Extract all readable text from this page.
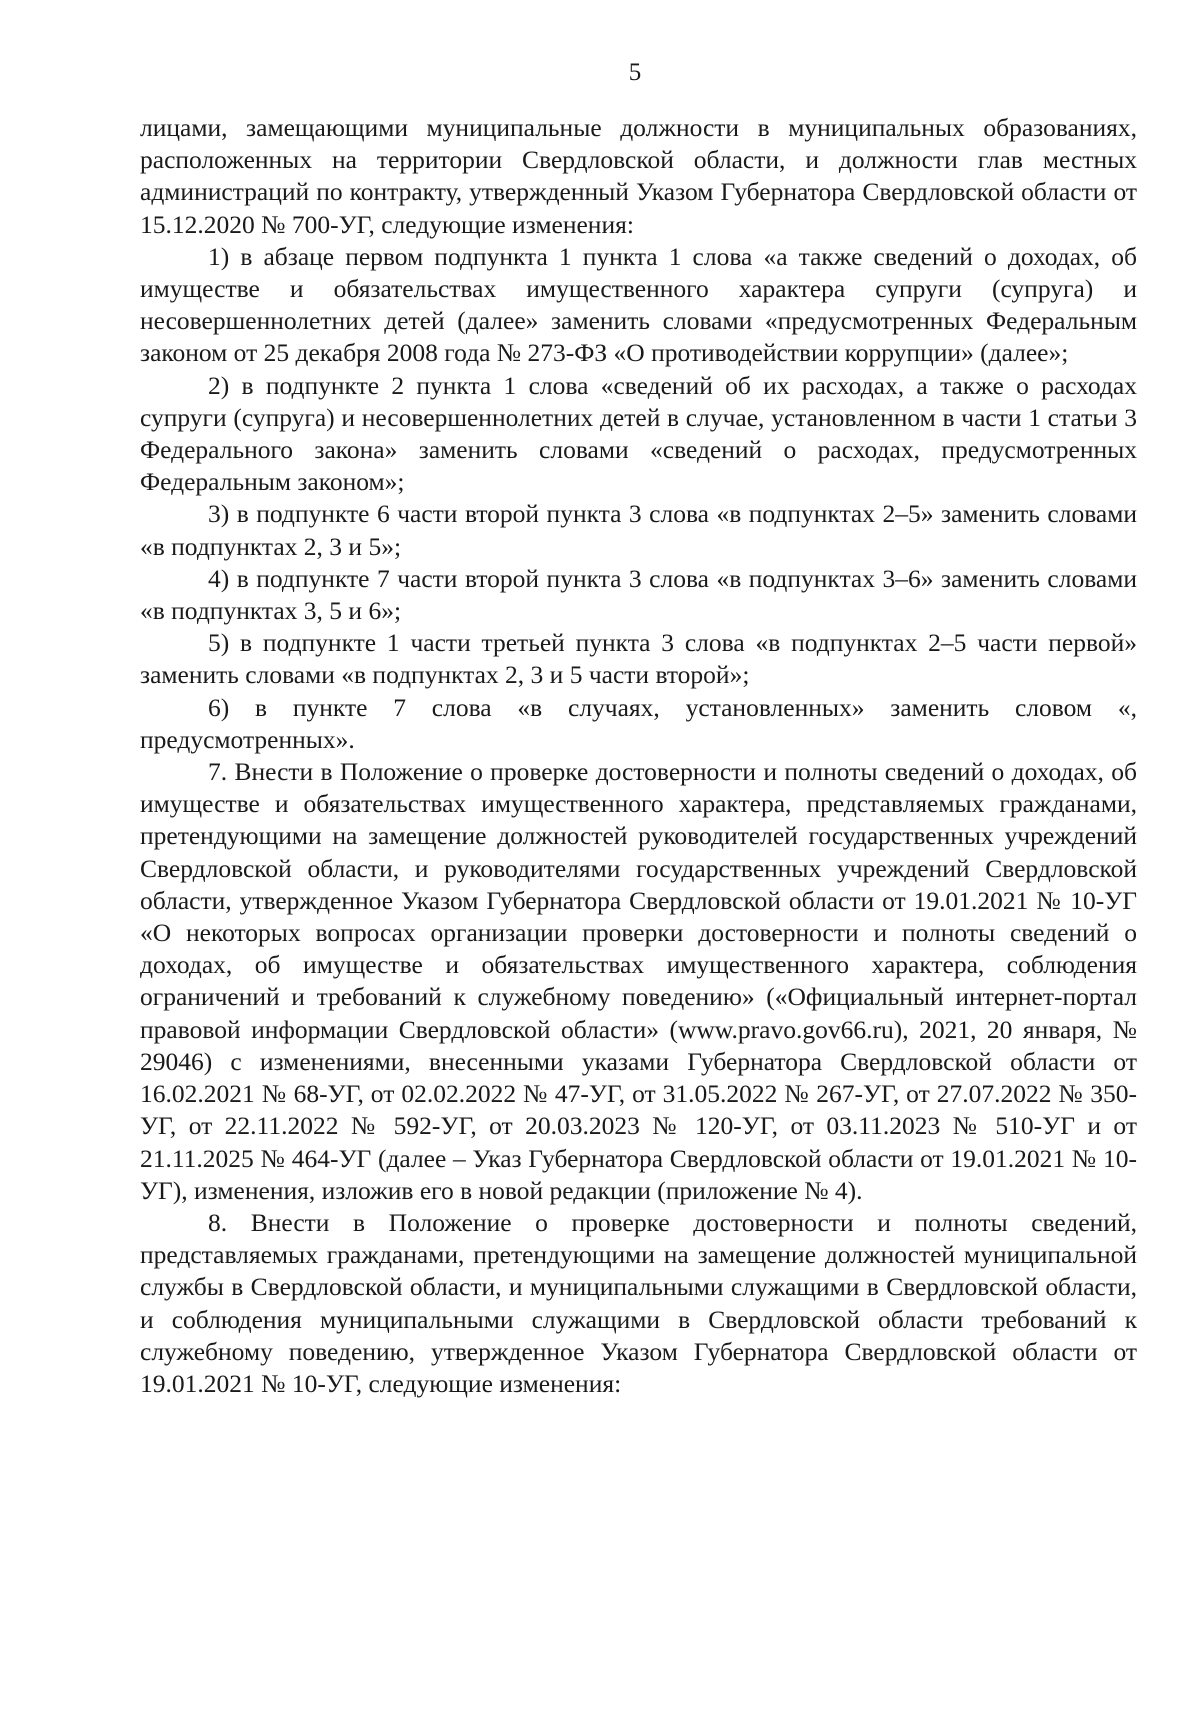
5

лицами, замещающими муниципальные должности в муниципальных образованиях, расположенных на территории Свердловской области, и должности глав местных администраций по контракту, утвержденный Указом Губернатора Свердловской области от 15.12.2020 № 700-УГ, следующие изменения:

1) в абзаце первом подпункта 1 пункта 1 слова «а также сведений о доходах, об имуществе и обязательствах имущественного характера супруги (супруга) и несовершеннолетних детей (далее» заменить словами «предусмотренных Федеральным законом от 25 декабря 2008 года № 273-ФЗ «О противодействии коррупции» (далее»;

2) в подпункте 2 пункта 1 слова «сведений об их расходах, а также о расходах супруги (супруга) и несовершеннолетних детей в случае, установленном в части 1 статьи 3 Федерального закона» заменить словами «сведений о расходах, предусмотренных Федеральным законом»;

3) в подпункте 6 части второй пункта 3 слова «в подпунктах 2–5» заменить словами «в подпунктах 2, 3 и 5»;

4) в подпункте 7 части второй пункта 3 слова «в подпунктах 3–6» заменить словами «в подпунктах 3, 5 и 6»;

5) в подпункте 1 части третьей пункта 3 слова «в подпунктах 2–5 части первой» заменить словами «в подпунктах 2, 3 и 5 части второй»;

6) в пункте 7 слова «в случаях, установленных» заменить словом «, предусмотренных».

7. Внести в Положение о проверке достоверности и полноты сведений о доходах, об имуществе и обязательствах имущественного характера, представляемых гражданами, претендующими на замещение должностей руководителей государственных учреждений Свердловской области, и руководителями государственных учреждений Свердловской области, утвержденное Указом Губернатора Свердловской области от 19.01.2021 № 10-УГ «О некоторых вопросах организации проверки достоверности и полноты сведений о доходах, об имуществе и обязательствах имущественного характера, соблюдения ограничений и требований к служебному поведению» («Официальный интернет-портал правовой информации Свердловской области» (www.pravo.gov66.ru), 2021, 20 января, № 29046) с изменениями, внесенными указами Губернатора Свердловской области от 16.02.2021 № 68-УГ, от 02.02.2022 № 47-УГ, от 31.05.2022 № 267-УГ, от 27.07.2022 № 350-УГ, от 22.11.2022 № 592-УГ, от 20.03.2023 № 120-УГ, от 03.11.2023 № 510-УГ и от 21.11.2025 № 464-УГ (далее – Указ Губернатора Свердловской области от 19.01.2021 № 10-УГ), изменения, изложив его в новой редакции (приложение № 4).

8. Внести в Положение о проверке достоверности и полноты сведений, представляемых гражданами, претендующими на замещение должностей муниципальной службы в Свердловской области, и муниципальными служащими в Свердловской области, и соблюдения муниципальными служащими в Свердловской области требований к служебному поведению, утвержденное Указом Губернатора Свердловской области от 19.01.2021 № 10-УГ, следующие изменения:
